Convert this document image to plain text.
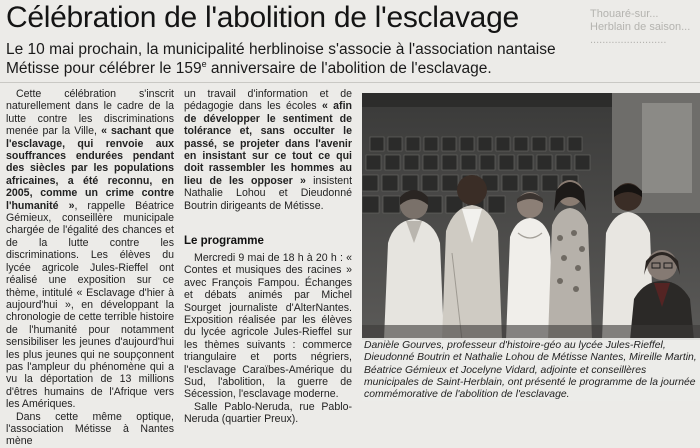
Célébration de l'abolition de l'esclavage	Thouaré-sur...
Herblain de saison...
.........................

Le 10 mai prochain, la municipalité herblinoise s'associe à l'association nantaise Métisse pour célébrer le 159e anniversaire de l'abolition de l'esclavage.

Cette célébration s'inscrit naturellement dans le cadre de la lutte contre les discriminations menée par la Ville, « sachant que l'esclavage, qui renvoie aux souffrances endurées pendant des siècles par les populations africaines, a été reconnu, en 2005, comme un crime contre l'humanité », rappelle Béatrice Gémieux, conseillère municipale chargée de l'égalité des chances et de la lutte contre les discriminations. Les élèves du lycée agricole Jules-Rieffel ont réalisé une exposition sur ce thème, intitulé « Esclavage d'hier à aujourd'hui », en développant la chronologie de cette terrible histoire de l'humanité pour notamment sensibiliser les jeunes d'aujourd'hui les plus jeunes qui ne soupçonnent pas l'ampleur du phénomène qui a vu la déportation de 13 millions d'êtres humains de l'Afrique vers les Amériques.

Dans cette même optique, l'association Métisse à Nantes mène

un travail d'information et de pédagogie dans les écoles « afin de développer le sentiment de tolérance et, sans occulter le passé, se projeter dans l'avenir en insistant sur ce tout ce qui doit rassembler les hommes au lieu de les opposer » insistent Nathalie Lohou et Dieudonné Boutrin dirigeants de Métisse.

Le programme

Mercredi 9 mai de 18 h à 20 h : « Contes et musiques des racines » avec François Fampou. Échanges et débats animés par Michel Sourget journaliste d'AlterNantes. Exposition réalisée par les élèves du lycée agricole Jules-Rieffel sur les thèmes suivants : commerce triangulaire et ports négriers, l'esclavage Caraïbes-Amérique du Sud, l'abolition, la guerre de Sécession, l'esclavage moderne.

Salle Pablo-Neruda, rue Pablo-Neruda (quartier Preux).

Danièle Gourves, professeur d'histoire-géo au lycée Jules-Rieffel, Dieudonné Boutrin et Nathalie Lohou de Métisse Nantes, Mireille Martin, Béatrice Gémieux et Jocelyne Vidard, adjointe et conseillères municipales de Saint-Herblain, ont présenté le programme de la journée commémorative de l'abolition de l'esclavage.
